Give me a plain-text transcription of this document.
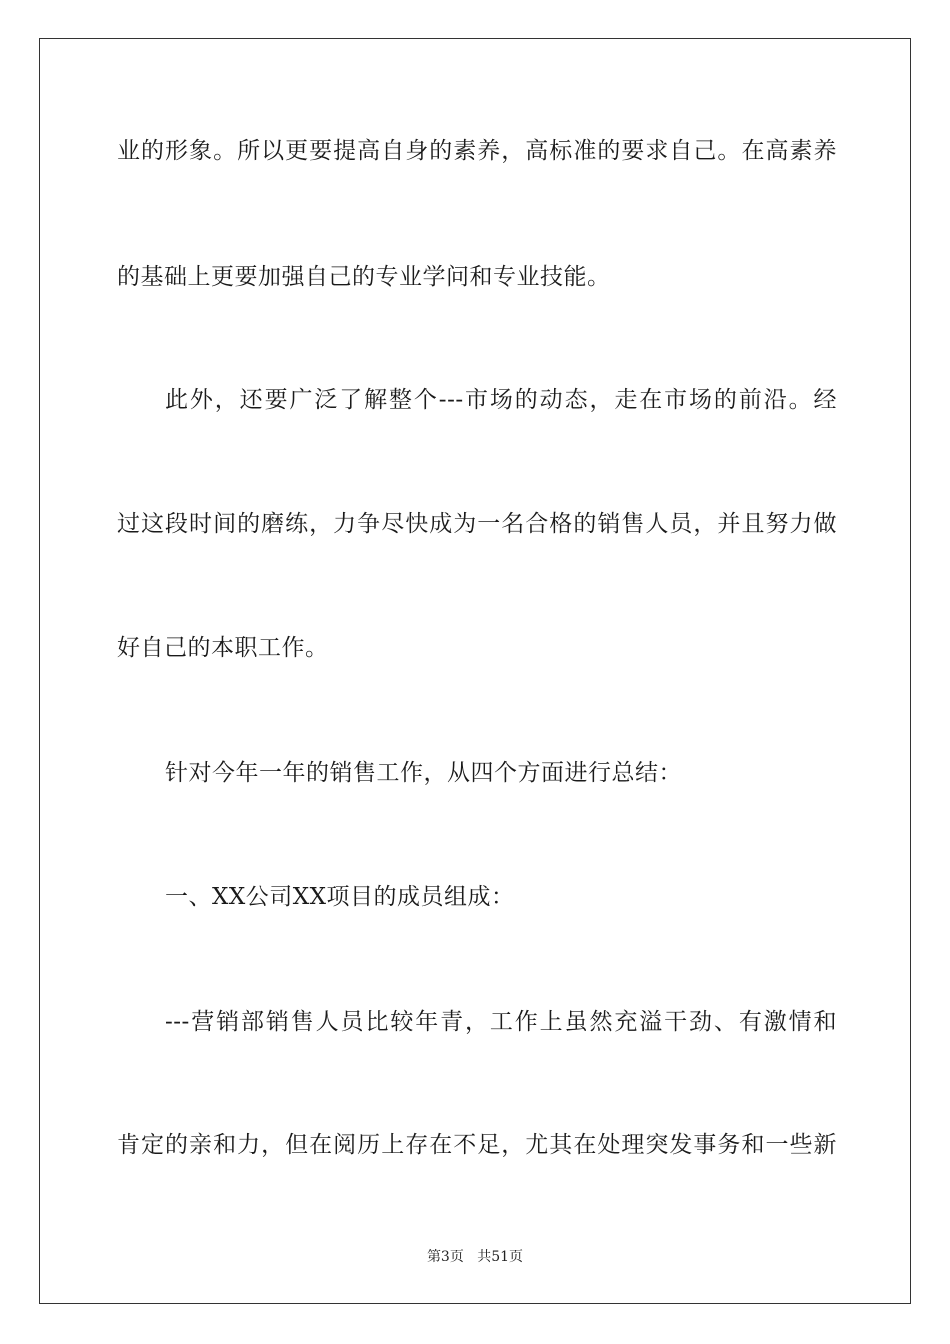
业的形象。所以更要提高自身的素养，高标准的要求自己。在高素养
的基础上更要加强自己的专业学问和专业技能。
此外，还要广泛了解整个---市场的动态，走在市场的前沿。经
过这段时间的磨练，力争尽快成为一名合格的销售人员，并且努力做
好自己的本职工作。
针对今年一年的销售工作，从四个方面进行总结：
一、XX公司XX项目的成员组成：
---营销部销售人员比较年青，工作上虽然充溢干劲、有激情和
肯定的亲和力，但在阅历上存在不足，尤其在处理突发事务和一些新
第3页 共51页
